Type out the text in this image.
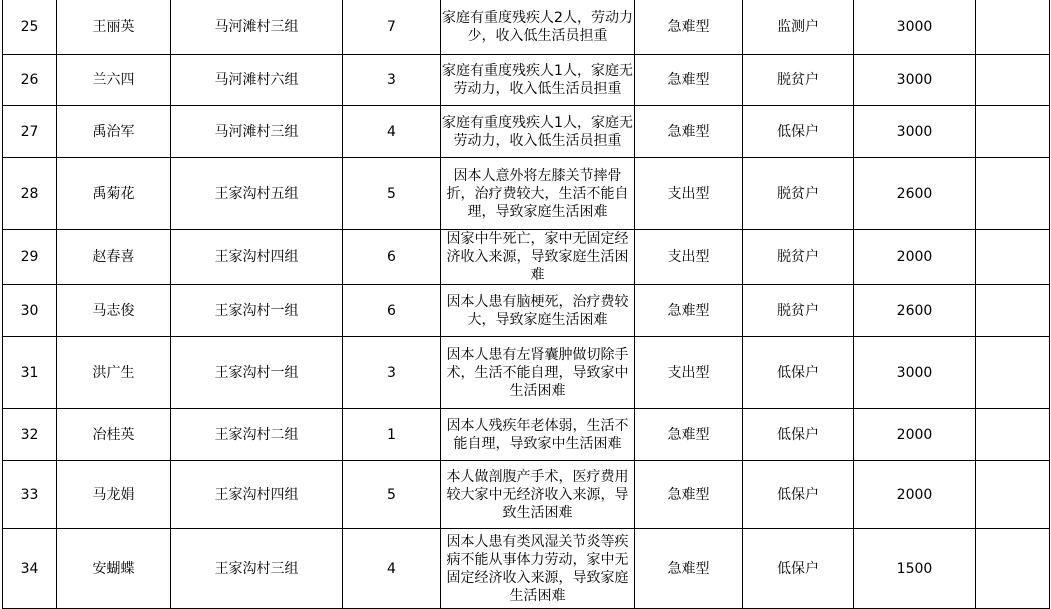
25	王丽英	马河滩村三组	7	家庭有重度残疾人2人，劳动力少，收入低生活员担重	急难型	监测户	3000	
26	兰六四	马河滩村六组	3	家庭有重度残疾人1人，家庭无劳动力，收入低生活员担重	急难型	脱贫户	3000	
27	禹治军	马河滩村三组	4	家庭有重度残疾人1人，家庭无劳动力，收入低生活员担重	急难型	低保户	3000	
28	禹菊花	王家沟村五组	5	因本人意外将左膝关节摔骨折，治疗费较大，生活不能自理，导致家庭生活困难	支出型	脱贫户	2600	
29	赵春喜	王家沟村四组	6	因家中牛死亡，家中无固定经济收入来源，导致家庭生活困难	支出型	脱贫户	2000	
30	马志俊	王家沟村一组	6	因本人患有脑梗死，治疗费较大，导致家庭生活困难	急难型	脱贫户	2600	
31	洪广生	王家沟村一组	3	因本人患有左肾囊肿做切除手术，生活不能自理，导致家中生活困难	支出型	低保户	3000	
32	冶桂英	王家沟村二组	1	因本人残疾年老体弱，生活不能自理，导致家中生活困难	急难型	低保户	2000	
33	马龙娟	王家沟村四组	5	本人做剖腹产手术，医疗费用较大家中无经济收入来源，导致生活困难	急难型	低保户	2000	
34	安蝴蝶	王家沟村三组	4	因本人患有类风湿关节炎等疾病不能从事体力劳动，家中无固定经济收入来源，导致家庭生活困难	急难型	低保户	1500	
